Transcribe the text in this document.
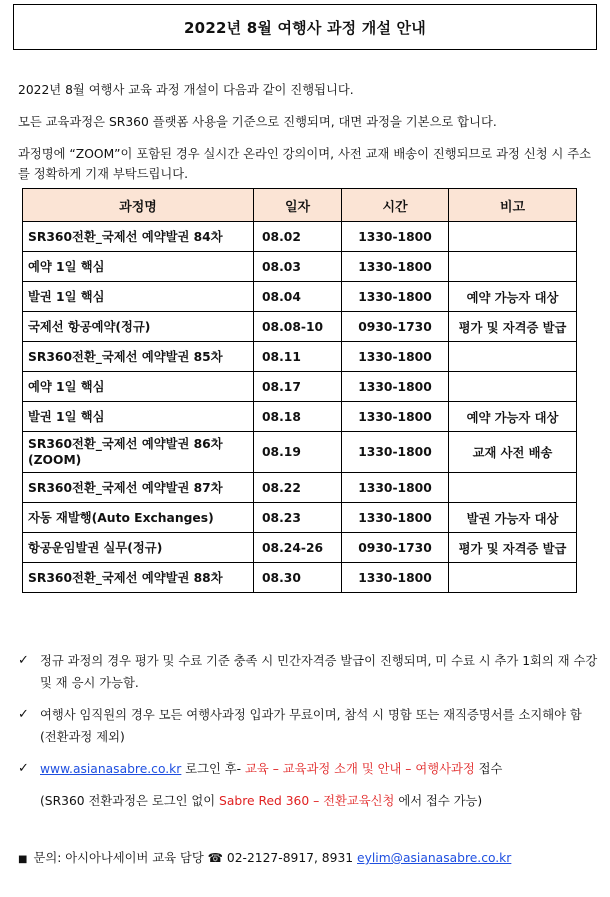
2022년 8월 여행사 과정 개설 안내

2022년 8월 여행사 교육 과정 개설이 다음과 같이 진행됩니다.

모든 교육과정은 SR360 플랫폼 사용을 기준으로 진행되며, 대면 과정을 기본으로 합니다.

과정명에 “ZOOM”이 포함된 경우 실시간 온라인 강의이며, 사전 교재 배송이 진행되므로 과정 신청 시 주소를 정확하게 기재 부탁드립니다.

과정명	일자	시간	비고
SR360전환_국제선 예약발권 84차	08.02	1330-1800	
예약 1일 핵심	08.03	1330-1800	
발권 1일 핵심	08.04	1330-1800	예약 가능자 대상
국제선 항공예약(정규)	08.08-10	0930-1730	평가 및 자격증 발급
SR360전환_국제선 예약발권 85차	08.11	1330-1800	
예약 1일 핵심	08.17	1330-1800	
발권 1일 핵심	08.18	1330-1800	예약 가능자 대상
SR360전환_국제선 예약발권 86차 (ZOOM)	08.19	1330-1800	교재 사전 배송
SR360전환_국제선 예약발권 87차	08.22	1330-1800	
자동 재발행(Auto Exchanges)	08.23	1330-1800	발권 가능자 대상
항공운임발권 실무(정규)	08.24-26	0930-1730	평가 및 자격증 발급
SR360전환_국제선 예약발권 88차	08.30	1330-1800	
✓ 정규 과정의 경우 평가 및 수료 기준 충족 시 민간자격증 발급이 진행되며, 미 수료 시 추가 1회의 재 수강 및 재 응시 가능함.
✓ 여행사 임직원의 경우 모든 여행사과정 입과가 무료이며, 참석 시 명함 또는 재직증명서를 소지해야 함(전환과정 제외)
✓ www.asianasabre.co.kr 로그인 후- 교육 – 교육과정 소개 및 안내 – 여행사과정 접수
(SR360 전환과정은 로그인 없이 Sabre Red 360 – 전환교육신청 에서 접수 가능)
■ 문의: 아시아나세이버 교육 담당 ☎ 02-2127-8917, 8931 eylim@asianasabre.co.kr
